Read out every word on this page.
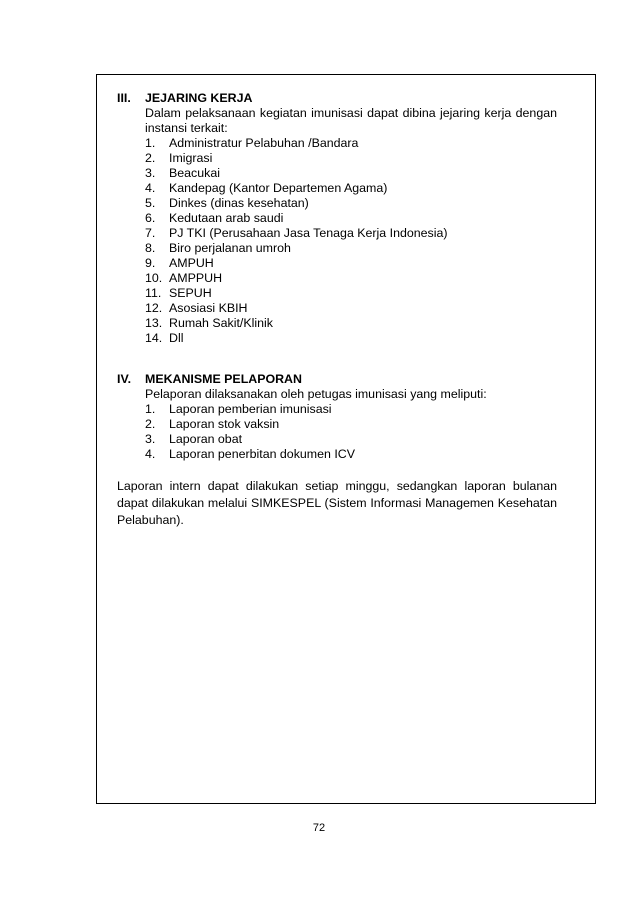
III.	JEJARING KERJA
Dalam pelaksanaan kegiatan imunisasi dapat dibina jejaring kerja dengan instansi terkait:
1.	Administratur Pelabuhan /Bandara
2.	Imigrasi
3.	Beacukai
4.	Kandepag (Kantor Departemen Agama)
5.	Dinkes (dinas kesehatan)
6.	Kedutaan arab saudi
7.	PJ TKI (Perusahaan Jasa Tenaga Kerja Indonesia)
8.	Biro perjalanan umroh
9.	AMPUH
10. AMPPUH
11. SEPUH
12. Asosiasi KBIH
13. Rumah Sakit/Klinik
14. Dll
IV.	MEKANISME PELAPORAN
Pelaporan dilaksanakan oleh petugas imunisasi yang meliputi:
1.	Laporan pemberian imunisasi
2.	Laporan stok vaksin
3.	Laporan obat
4.	Laporan penerbitan dokumen ICV
Laporan intern dapat dilakukan setiap minggu, sedangkan laporan bulanan dapat dilakukan melalui SIMKESPEL (Sistem Informasi Managemen Kesehatan Pelabuhan).
72
